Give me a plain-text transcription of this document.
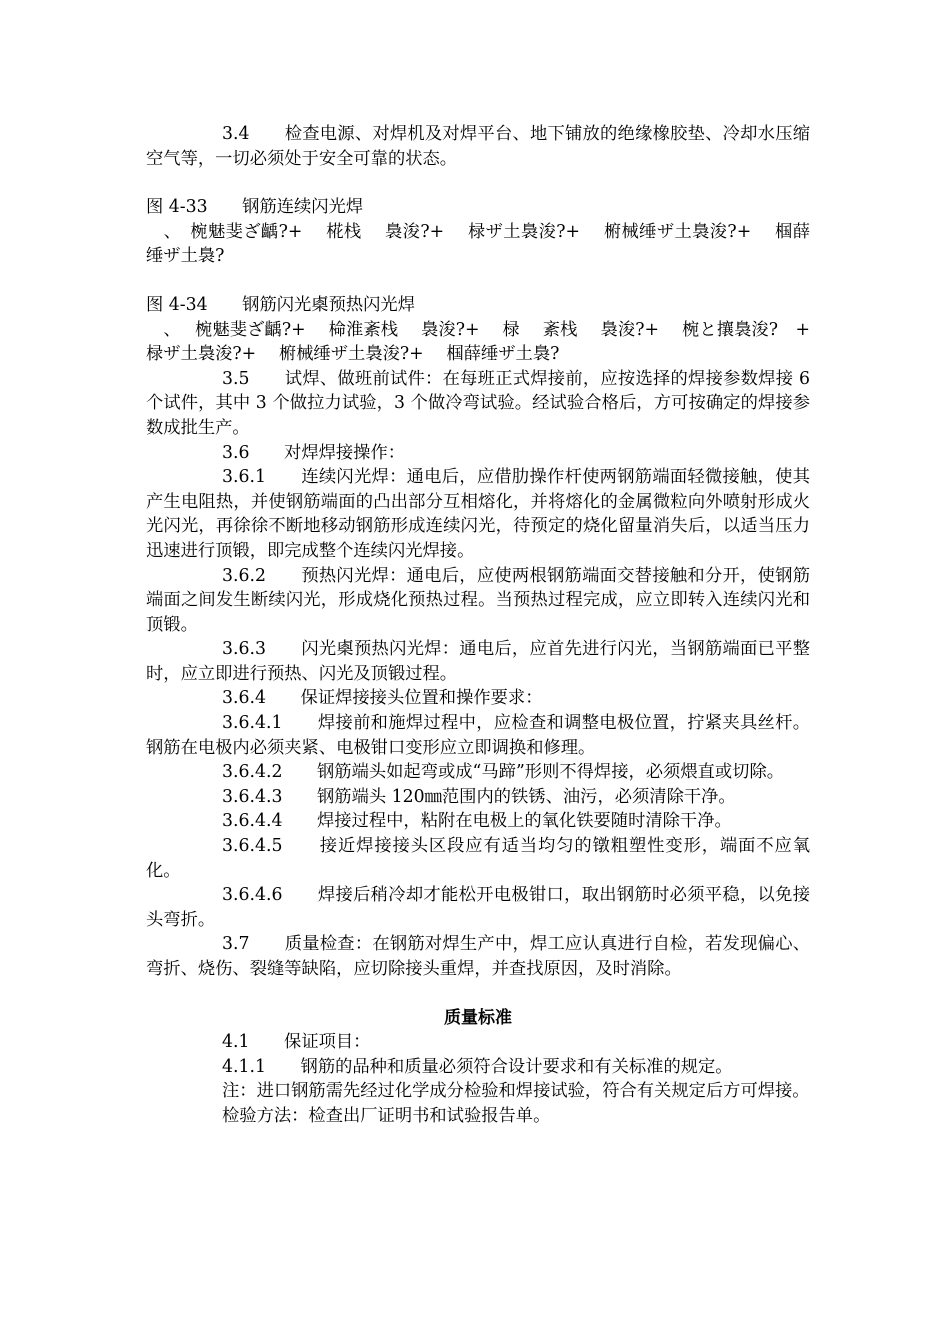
3.4　　检查电源、对焊机及对焊平台、地下铺放的绝缘橡胶垫、冷却水压缩空气等，一切必须处于安全可靠的状态。

图 4-33　　钢筋连续闪光焊

　、　椀魅斐ざ齲?+　 椛栈　 裊浚?+　 椂ザ土裊浚?+　 椨械缍ザ土裊浚?+　 椢薛缍ザ土裊?

图 4-34　　钢筋闪光㮚预热闪光焊

　、　 椀魅斐ざ齲?+　 椧淮紊栈　 裊浚?+　 椂　 紊栈　 裊浚?+　 椀と攘裊浚?　+　 椂ザ土裊浚?+　 椨械缍ザ土裊浚?+　 椢薛缍ザ土裊?

3.5　　试焊、做班前试件：在每班正式焊接前，应按选择的焊接参数焊接 6 个试件，其中 3 个做拉力试验，3 个做冷弯试验。经试验合格后，方可按确定的焊接参数成批生产。

3.6　　对焊焊接操作：

3.6.1　　连续闪光焊：通电后，应借肋操作杆使两钢筋端面轻微接触，使其产生电阻热，并使钢筋端面的凸出部分互相熔化，并将熔化的金属微粒向外喷射形成火光闪光，再徐徐不断地移动钢筋形成连续闪光，待预定的烧化留量消失后，以适当压力迅速进行顶锻，即完成整个连续闪光焊接。

3.6.2　　预热闪光焊：通电后，应使两根钢筋端面交替接触和分开，使钢筋端面之间发生断续闪光，形成烧化预热过程。当预热过程完成，应立即转入连续闪光和顶锻。

3.6.3　　闪光㮚预热闪光焊：通电后，应首先进行闪光，当钢筋端面已平整时，应立即进行预热、闪光及顶锻过程。

3.6.4　　保证焊接接头位置和操作要求：

3.6.4.1　　焊接前和施焊过程中，应检查和调整电极位置，拧紧夹具丝杆。钢筋在电极内必须夹紧、电极钳口变形应立即调换和修理。

3.6.4.2　　钢筋端头如起弯或成“马蹄”形则不得焊接，必须煨直或切除。

3.6.4.3　　钢筋端头 120㎜范围内的铁锈、油污，必须清除干净。

3.6.4.4　　焊接过程中，粘附在电极上的氧化铁要随时清除干净。

3.6.4.5　　接近焊接接头区段应有适当均匀的镦粗塑性变形，端面不应氧化。

3.6.4.6　　焊接后稍冷却才能松开电极钳口，取出钢筋时必须平稳，以免接头弯折。

3.7　　质量检查：在钢筋对焊生产中，焊工应认真进行自检，若发现偏心、弯折、烧伤、裂缝等缺陷，应切除接头重焊，并查找原因，及时消除。

质量标准

4.1　　保证项目：

4.1.1　　钢筋的品种和质量必须符合设计要求和有关标准的规定。

注：进口钢筋需先经过化学成分检验和焊接试验，符合有关规定后方可焊接。

检验方法：检查出厂证明书和试验报告单。
